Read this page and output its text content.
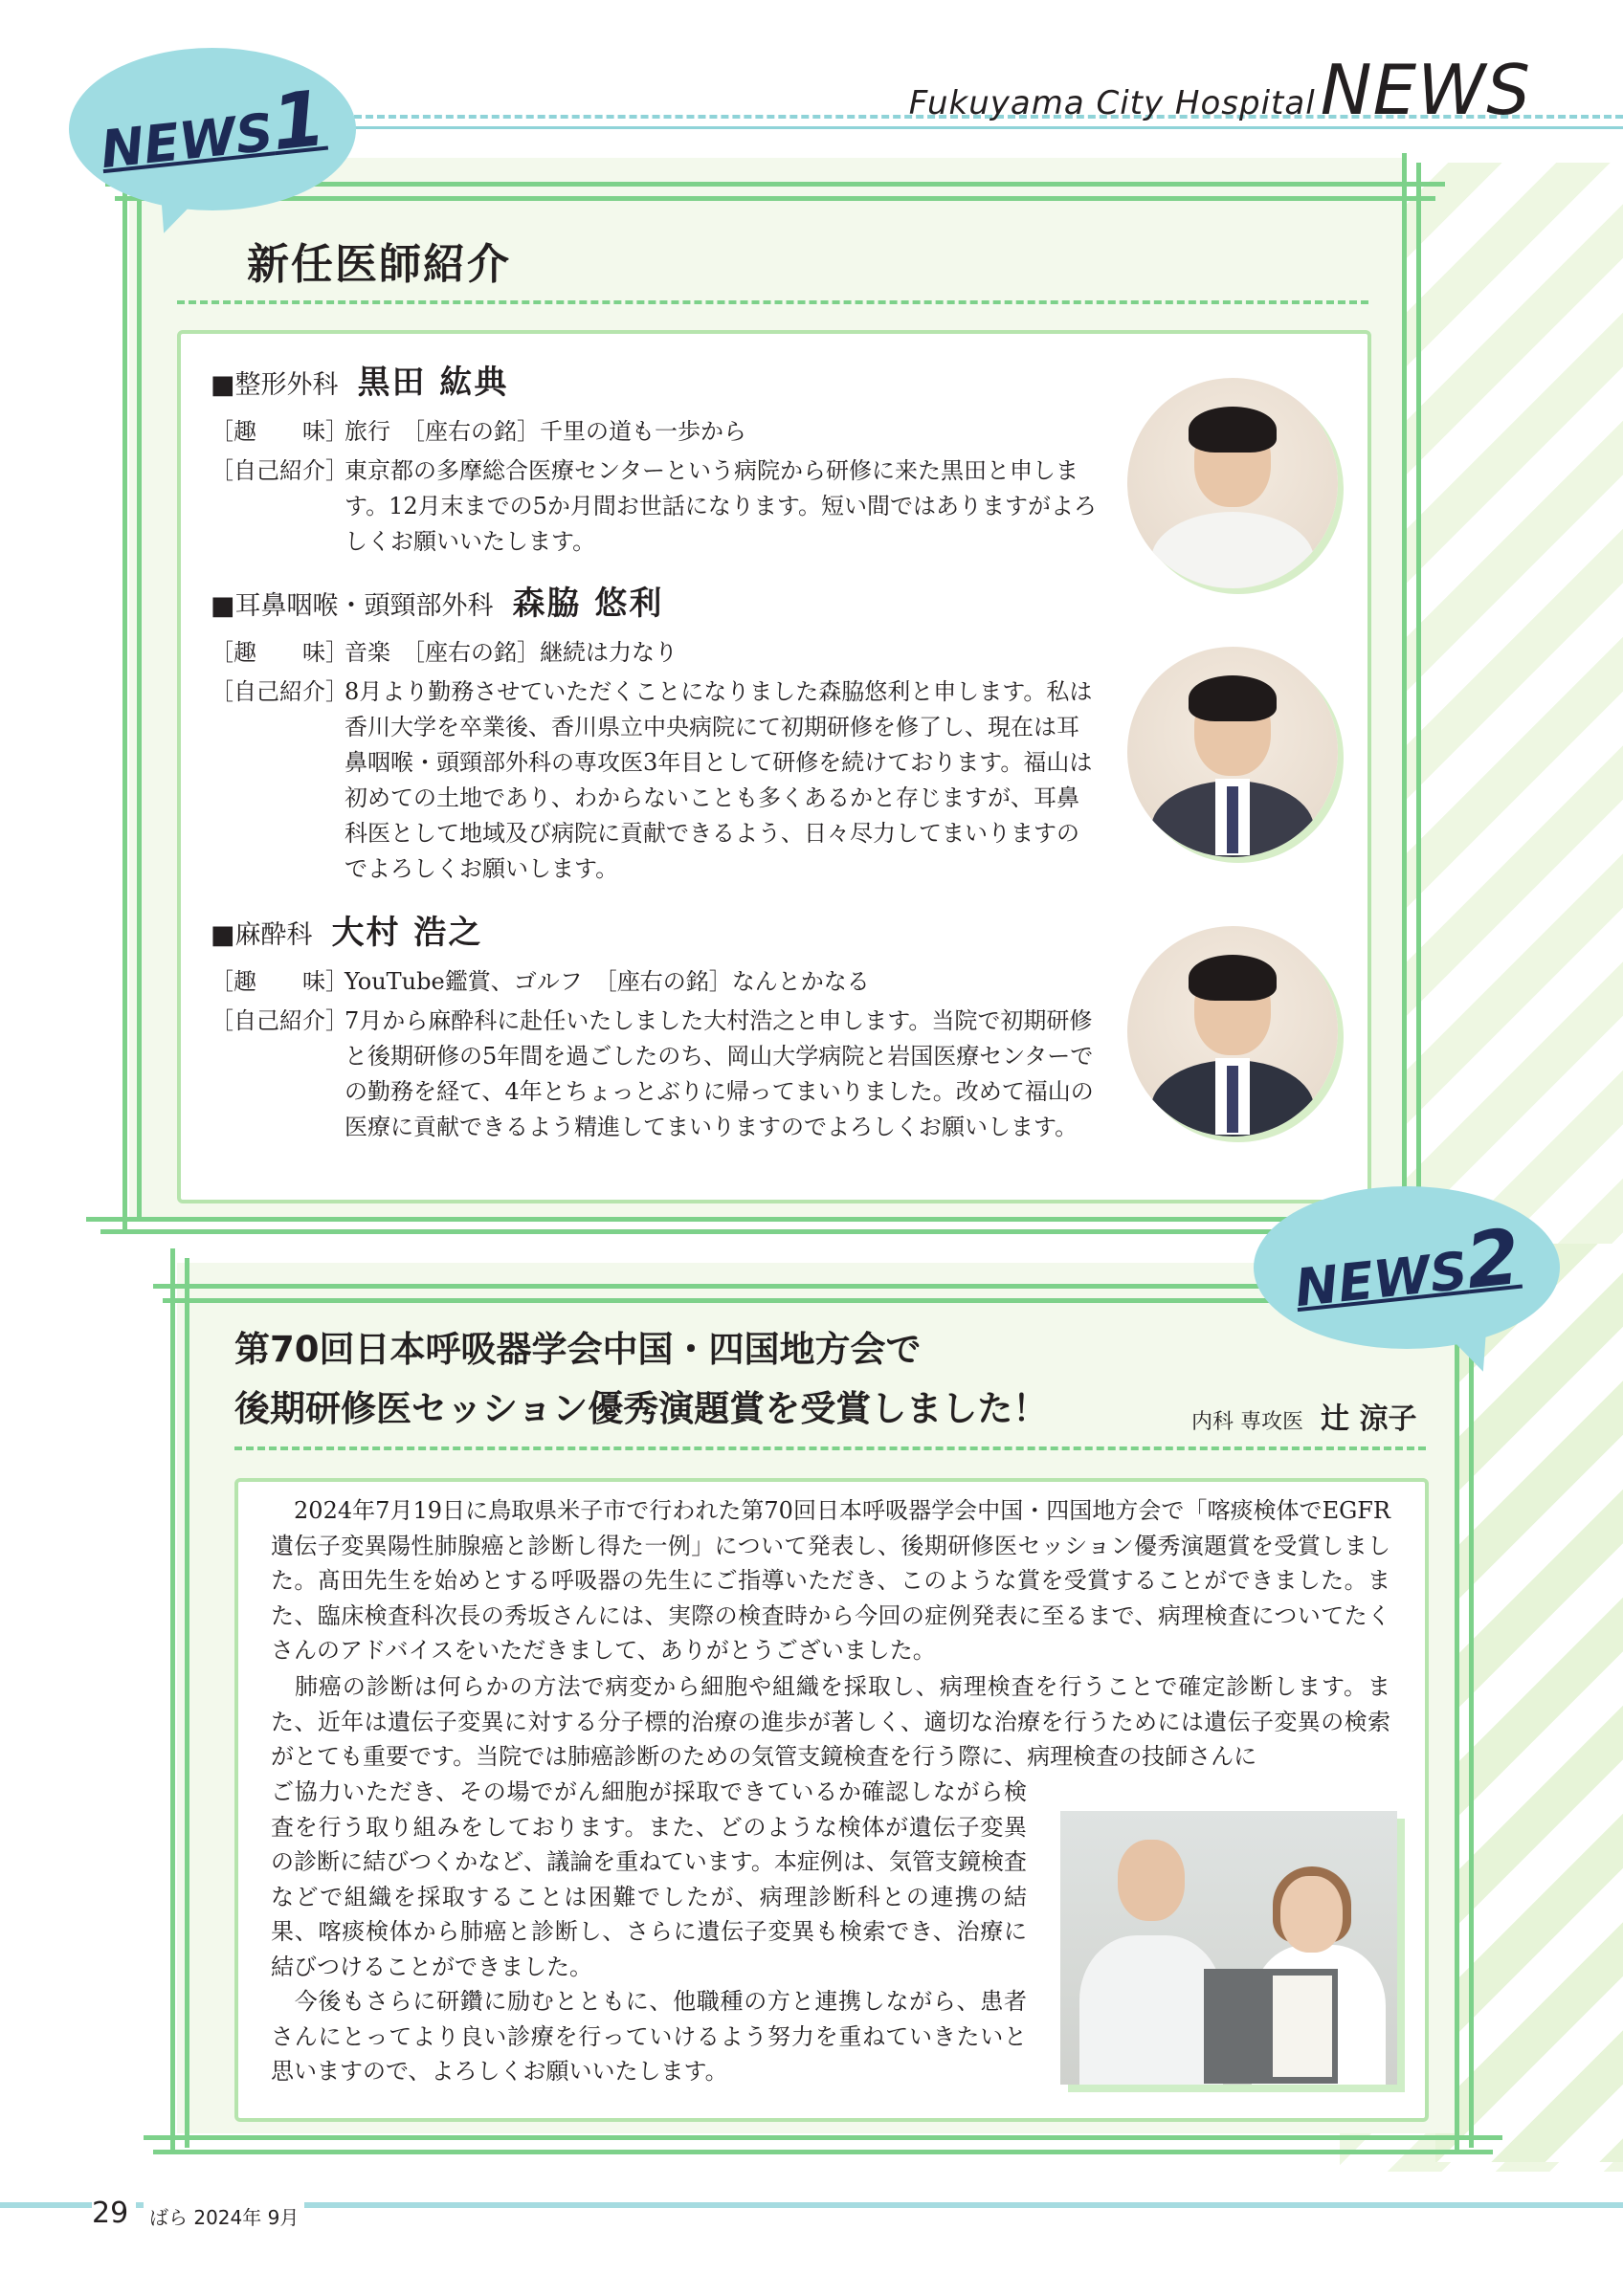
Fukuyama City Hospital NEWS
NEWS1
新任医師紹介
■整形外科 黒田 紘典
［趣　　味］
旅行　［座右の銘］千里の道も一歩から
［自己紹介］
東京都の多摩総合医療センターという病院から研修に来た黒田と申します。12月末までの5か月間お世話になります。短い間ではありますがよろしくお願いいたします。
■耳鼻咽喉・頭頸部外科 森脇 悠利
［趣　　味］
音楽　［座右の銘］継続は力なり
［自己紹介］
8月より勤務させていただくことになりました森脇悠利と申します。私は香川大学を卒業後、香川県立中央病院にて初期研修を修了し、現在は耳鼻咽喉・頭頸部外科の専攻医3年目として研修を続けております。福山は初めての土地であり、わからないことも多くあるかと存じますが、耳鼻科医として地域及び病院に貢献できるよう、日々尽力してまいりますのでよろしくお願いします。
■麻酔科 大村 浩之
［趣　　味］
YouTube鑑賞、ゴルフ　［座右の銘］なんとかなる
［自己紹介］
7月から麻酔科に赴任いたしました大村浩之と申します。当院で初期研修と後期研修の5年間を過ごしたのち、岡山大学病院と岩国医療センターでの勤務を経て、4年とちょっとぶりに帰ってまいりました。改めて福山の医療に貢献できるよう精進してまいりますのでよろしくお願いします。
NEWS2
第70回日本呼吸器学会中国・四国地方会で
後期研修医セッション優秀演題賞を受賞しました！	内科 専攻医 辻 涼子
　2024年7月19日に鳥取県米子市で行われた第70回日本呼吸器学会中国・四国地方会で「喀痰検体でEGFR遺伝子変異陽性肺腺癌と診断し得た一例」について発表し、後期研修医セッション優秀演題賞を受賞しました。髙田先生を始めとする呼吸器の先生にご指導いただき、このような賞を受賞することができました。また、臨床検査科次長の秀坂さんには、実際の検査時から今回の症例発表に至るまで、病理検査についてたくさんのアドバイスをいただきまして、ありがとうございました。
　肺癌の診断は何らかの方法で病変から細胞や組織を採取し、病理検査を行うことで確定診断します。また、近年は遺伝子変異に対する分子標的治療の進歩が著しく、適切な治療を行うためには遺伝子変異の検索がとても重要です。当院では肺癌診断のための気管支鏡検査を行う際に、病理検査の技師さんに
ご協力いただき、その場でがん細胞が採取できているか確認しながら検査を行う取り組みをしております。また、どのような検体が遺伝子変異の診断に結びつくかなど、議論を重ねています。本症例は、気管支鏡検査などで組織を採取することは困難でしたが、病理診断科との連携の結果、喀痰検体から肺癌と診断し、さらに遺伝子変異も検索でき、治療に結びつけることができました。
　今後もさらに研鑽に励むとともに、他職種の方と連携しながら、患者さんにとってより良い診療を行っていけるよう努力を重ねていきたいと思いますので、よろしくお願いいたします。
29	ばら 2024年 9月
